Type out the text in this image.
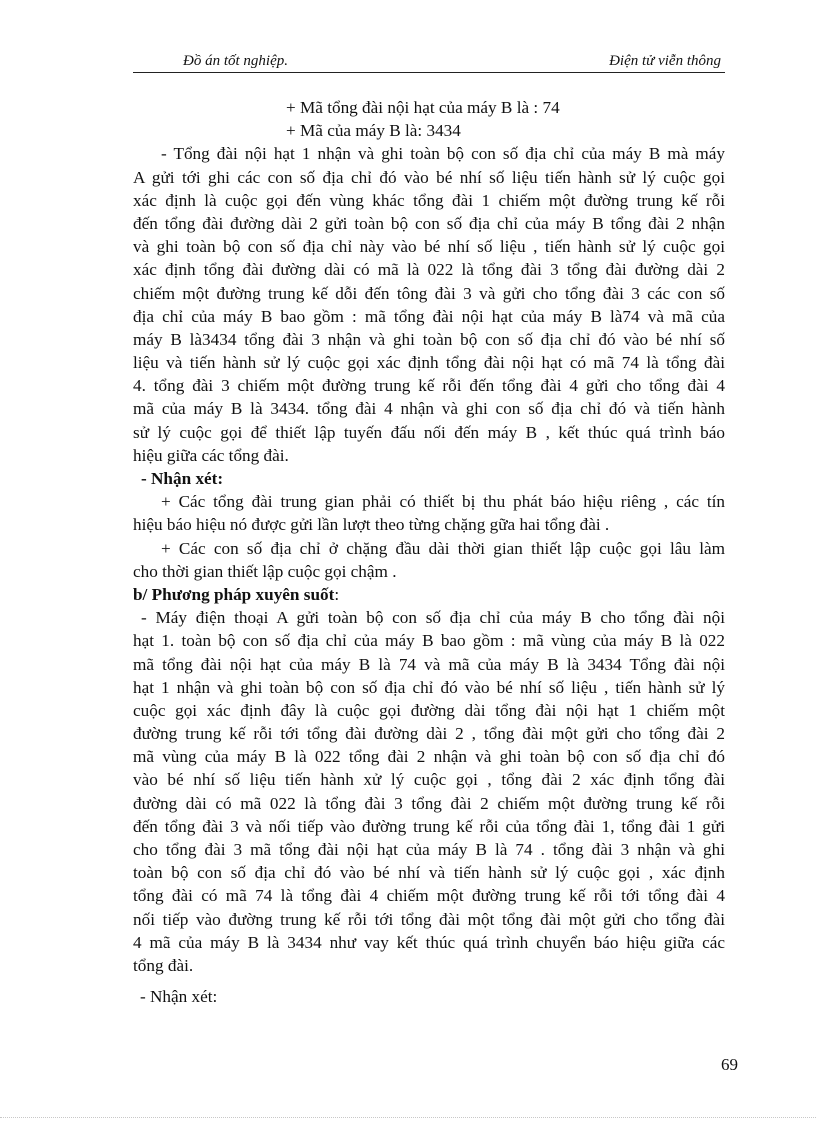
Đồ án tốt nghiệp.	Điện tử viễn thông
+ Mã tổng đài nội hạt của máy B là : 74
+ Mã của máy B là: 3434
- Tổng đài nội hạt 1 nhận và ghi toàn bộ con số địa chỉ của máy B mà máy
A gửi tới ghi các con số địa chỉ đó vào bé nhí số liệu tiến hành sử lý cuộc gọi
xác định là cuộc gọi đến vùng khác tổng đài 1 chiếm một đường trung kế rỗi
đến tổng đài đường dài 2 gửi toàn bộ con số địa chỉ của máy B tổng đài 2 nhận
và ghi toàn bộ con số địa chỉ này vào bé nhí số liệu , tiến hành sử lý cuộc gọi
xác định tổng đài đường dài có mã là 022 là tổng đài 3 tổng đài đường dài 2
chiếm một đường trung kế dỗi đến tông đài 3 và gửi cho tổng đài 3 các con số
địa chỉ của máy B bao gồm : mã tổng đài nội hạt của máy B là74 và mã của
máy B là3434 tổng đài 3 nhận và ghi toàn bộ con số địa chỉ đó vào bé nhí số
liệu và tiến hành sử lý cuộc gọi xác định tổng đài nội hạt có mã 74 là tổng đài
4. tổng đài 3 chiếm một đường trung kế rỗi đến tổng đài 4 gửi cho tổng đài 4
mã của máy B là 3434. tổng đài 4 nhận và ghi con số địa chỉ đó và tiến hành
sử lý cuộc gọi để thiết lập tuyến đấu nối đến máy B , kết thúc quá trình báo
hiệu giữa các tổng đài.
- Nhận xét:
+ Các tổng đài trung gian phải có thiết bị thu phát báo hiệu riêng , các tín
hiệu báo hiệu nó được gửi lần lượt theo từng chặng gữa hai tổng đài .
+ Các con số địa chỉ ở chặng đầu dài thời gian thiết lập cuộc gọi lâu làm
cho thời gian thiết lập cuộc gọi chậm .
b/ Phương pháp xuyên suốt:
- Máy điện thoại A gửi toàn bộ con số địa chỉ của máy B cho tổng đài nội
hạt 1. toàn bộ con số địa chỉ của máy B bao gồm : mã vùng của máy B là 022
mã tổng đài nội hạt của máy B là 74 và mã của máy B là 3434 Tổng đài nội
hạt 1 nhận và ghi toàn bộ con số địa chỉ đó vào bé nhí số liệu , tiến hành sử lý
cuộc gọi xác định đây là cuộc gọi đường dài tổng đài nội hạt 1 chiếm một
đường trung kế rỗi tới tổng đài đường dài 2 , tổng đài một gửi cho tổng đài 2
mã vùng của máy B là 022 tổng đài 2 nhận và ghi toàn bộ con số địa chỉ đó
vào bé nhí số liệu tiến hành xử lý cuộc gọi , tổng đài 2 xác định tổng đài
đường dài có mã 022 là tổng đài 3 tổng đài 2 chiếm một đường trung kế rỗi
đến tổng đài 3 và nối tiếp vào đường trung kế rỗi của tổng đài 1, tổng đài 1 gửi
cho tổng đài 3 mã tổng đài nội hạt của máy B là 74 . tổng đài 3 nhận và ghi
toàn bộ con số địa chỉ đó vào bé nhí và tiến hành sử lý cuộc gọi , xác định
tổng đài có mã 74 là tổng đài 4 chiếm một đường trung kế rỗi tới tổng đài 4
nối tiếp vào đường trung kế rỗi tới tổng đài một tổng đài một gửi cho tổng đài
4 mã của máy B là 3434 như vay kết thúc quá trình chuyển báo hiệu giữa các
tổng đài.
- Nhận xét:
69
